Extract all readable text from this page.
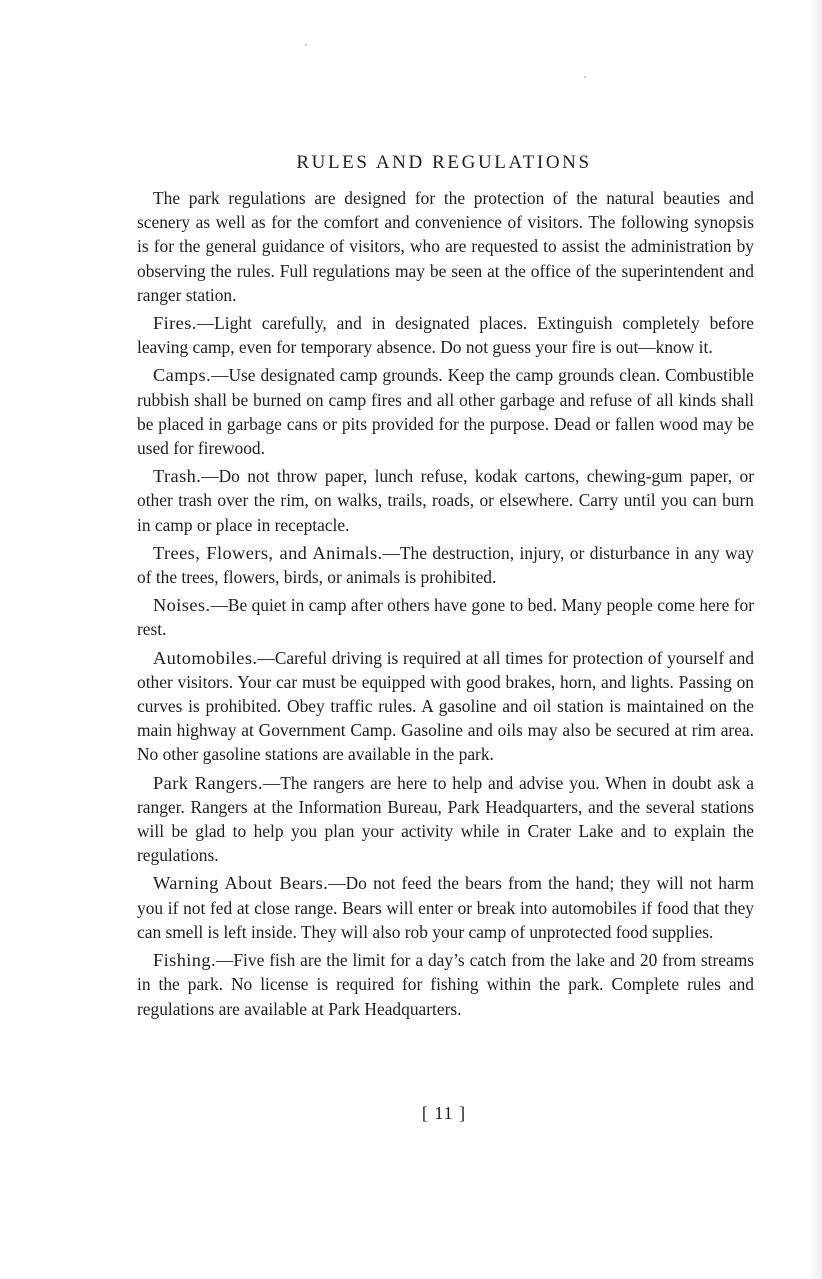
RULES AND REGULATIONS

The park regulations are designed for the protection of the natural beauties and scenery as well as for the comfort and convenience of visitors. The following synopsis is for the general guidance of visitors, who are requested to assist the administration by observing the rules. Full regulations may be seen at the office of the superintendent and ranger station.

Fires.—Light carefully, and in designated places. Extinguish completely before leaving camp, even for temporary absence. Do not guess your fire is out—know it.

Camps.—Use designated camp grounds. Keep the camp grounds clean. Combustible rubbish shall be burned on camp fires and all other garbage and refuse of all kinds shall be placed in garbage cans or pits provided for the purpose. Dead or fallen wood may be used for firewood.

Trash.—Do not throw paper, lunch refuse, kodak cartons, chewing-gum paper, or other trash over the rim, on walks, trails, roads, or elsewhere. Carry until you can burn in camp or place in receptacle.

Trees, Flowers, and Animals.—The destruction, injury, or disturbance in any way of the trees, flowers, birds, or animals is prohibited.

Noises.—Be quiet in camp after others have gone to bed. Many people come here for rest.

Automobiles.—Careful driving is required at all times for protection of yourself and other visitors. Your car must be equipped with good brakes, horn, and lights. Passing on curves is prohibited. Obey traffic rules. A gasoline and oil station is maintained on the main highway at Government Camp. Gasoline and oils may also be secured at rim area. No other gasoline stations are available in the park.

Park Rangers.—The rangers are here to help and advise you. When in doubt ask a ranger. Rangers at the Information Bureau, Park Headquarters, and the several stations will be glad to help you plan your activity while in Crater Lake and to explain the regulations.

Warning About Bears.—Do not feed the bears from the hand; they will not harm you if not fed at close range. Bears will enter or break into automobiles if food that they can smell is left inside. They will also rob your camp of unprotected food supplies.

Fishing.—Five fish are the limit for a day’s catch from the lake and 20 from streams in the park. No license is required for fishing within the park. Complete rules and regulations are available at Park Headquarters.

[ 11 ]
